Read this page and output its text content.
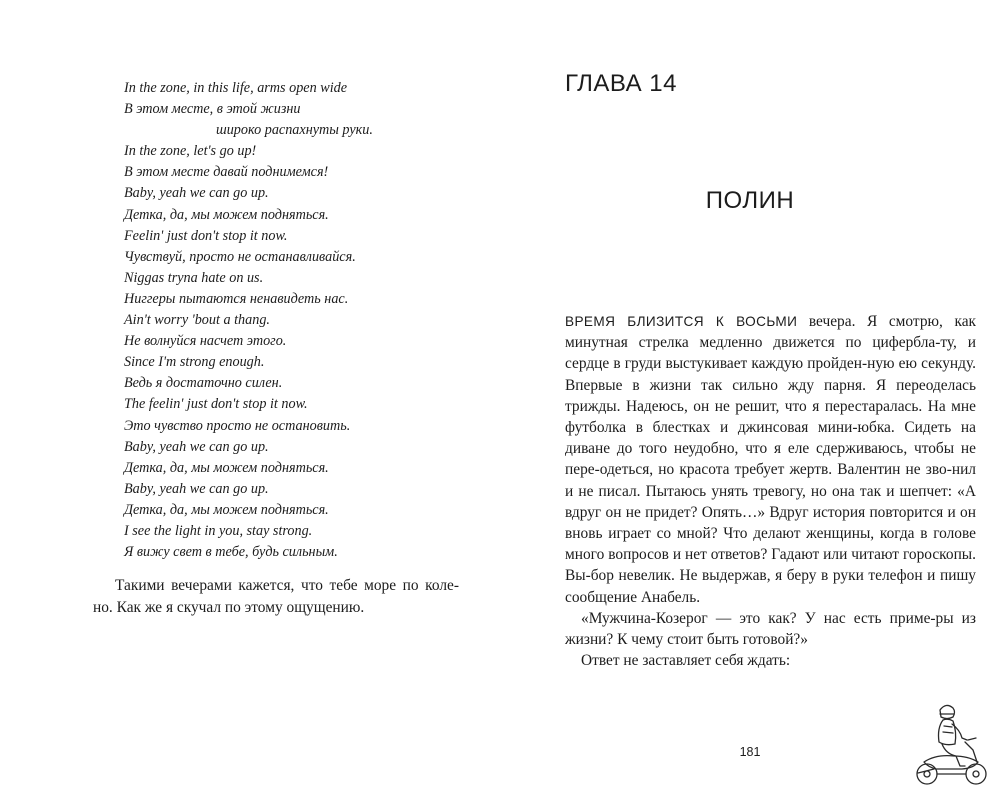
In the zone, in this life, arms open wide
В этом месте, в этой жизни
широко распахнуты руки.
In the zone, let's go up!
В этом месте давай поднимемся!
Baby, yeah we can go up.
Детка, да, мы можем подняться.
Feelin' just don't stop it now.
Чувствуй, просто не останавливайся.
Niggas tryna hate on us.
Ниггеры пытаются ненавидеть нас.
Ain't worry 'bout a thang.
Не волнуйся насчет этого.
Since I'm strong enough.
Ведь я достаточно силен.
The feelin' just don't stop it now.
Это чувство просто не остановить.
Baby, yeah we can go up.
Детка, да, мы можем подняться.
Baby, yeah we can go up.
Детка, да, мы можем подняться.
I see the light in you, stay strong.
Я вижу свет в тебе, будь сильным.

Такими вечерами кажется, что тебе море по коле-но. Как же я скучал по этому ощущению.

ГЛАВА 14
ПОЛИН

ВРЕМЯ БЛИЗИТСЯ К ВОСЬМИ вечера. Я смотрю, как минутная стрелка медленно движется по цифербла-ту, и сердце в груди выстукивает каждую пройден-ную ею секунду. Впервые в жизни так сильно жду парня. Я переоделась трижды. Надеюсь, он не решит, что я перестаралась. На мне футболка в блестках и джинсовая мини-юбка. Сидеть на диване до того неудобно, что я еле сдерживаюсь, чтобы не пере-одеться, но красота требует жертв. Валентин не зво-нил и не писал. Пытаюсь унять тревогу, но она так и шепчет: «А вдруг он не придет? Опять…» Вдруг история повторится и он вновь играет со мной? Что делают женщины, когда в голове много вопросов и нет ответов? Гадают или читают гороскопы. Вы-бор невелик. Не выдержав, я беру в руки телефон и пишу сообщение Анабель.

«Мужчина-Козерог — это как? У нас есть приме-ры из жизни? К чему стоит быть готовой?»

Ответ не заставляет себя ждать:

181
